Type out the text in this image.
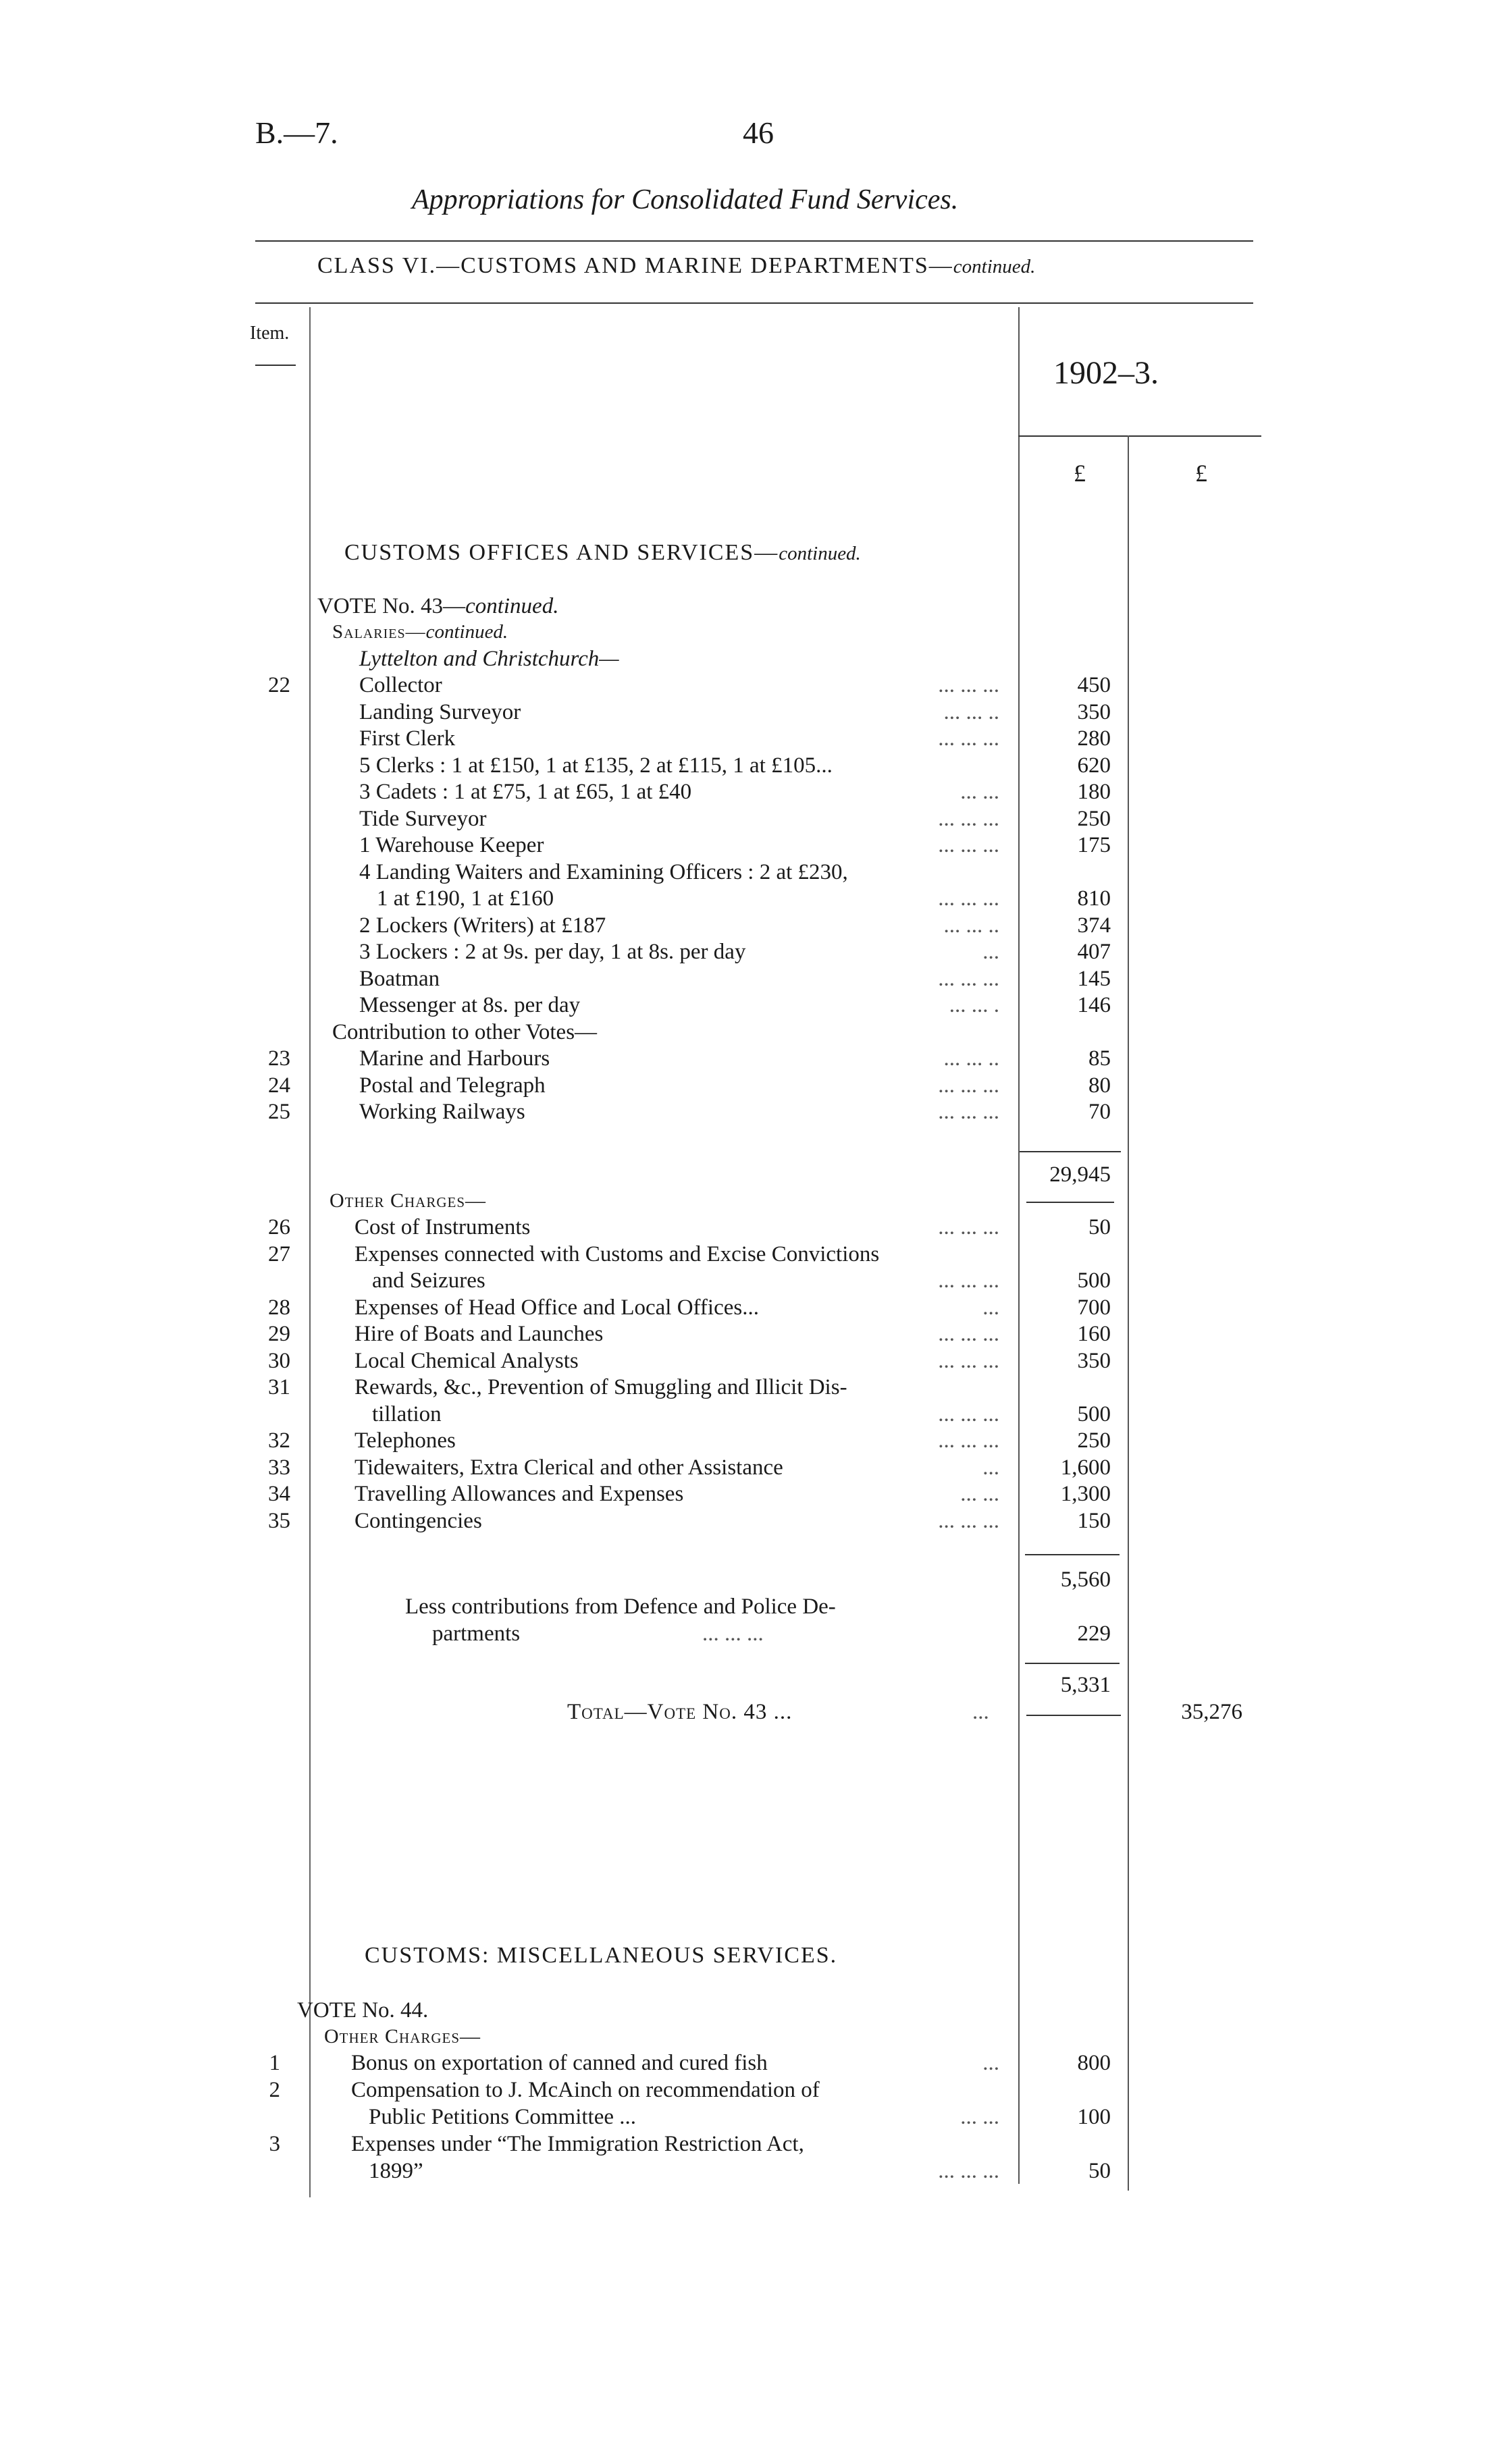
B.—7.	46
Appropriations for Consolidated Fund Services.
CLASS VI.—CUSTOMS AND MARINE DEPARTMENTS—continued.
Item.
1902–3.
£	£
CUSTOMS OFFICES AND SERVICES—continued.
VOTE No. 43—continued.
Salaries—continued.
Lyttelton and Christchurch—
22	Collector	... ... ...	450
Landing Surveyor	... ... ..	350
First Clerk	... ... ...	280
5 Clerks : 1 at £150, 1 at £135, 2 at £115, 1 at £105...	620
3 Cadets : 1 at £75, 1 at £65, 1 at £40	... ...	180
Tide Surveyor	... ... ...	250
1 Warehouse Keeper	... ... ...	175
4 Landing Waiters and Examining Officers : 2 at £230,
1 at £190, 1 at £160	... ... ...	810
2 Lockers (Writers) at £187	... ... ..	374
3 Lockers : 2 at 9s. per day, 1 at 8s. per day	...	407
Boatman	... ... ...	145
Messenger at 8s. per day	... ... .	146
Contribution to other Votes—
23	Marine and Harbours	... ... ..	85
24	Postal and Telegraph	... ... ...	80
25	Working Railways	... ... ...	70
29,945
Other Charges—
26	Cost of Instruments	... ... ...	50
27	Expenses connected with Customs and Excise Convictions
and Seizures	... ... ...	500
28	Expenses of Head Office and Local Offices...	...	700
29	Hire of Boats and Launches	... ... ...	160
30	Local Chemical Analysts	... ... ...	350
31	Rewards, &c., Prevention of Smuggling and Illicit Dis-
tillation	... ... ...	500
32	Telephones	... ... ...	250
33	Tidewaiters, Extra Clerical and other Assistance	...	1,600
34	Travelling Allowances and Expenses	... ...	1,300
35	Contingencies	... ... ...	150
5,560
Less contributions from Defence and Police De-
partments	... ... ...	229
5,331
Total—Vote No. 43 ...	...	35,276
CUSTOMS: MISCELLANEOUS SERVICES.
VOTE No. 44.
Other Charges—
1	Bonus on exportation of canned and cured fish	...	800
2	Compensation to J. McAinch on recommendation of
Public Petitions Committee ...	... ...	100
3	Expenses under “The Immigration Restriction Act,
1899”	... ... ...	50
